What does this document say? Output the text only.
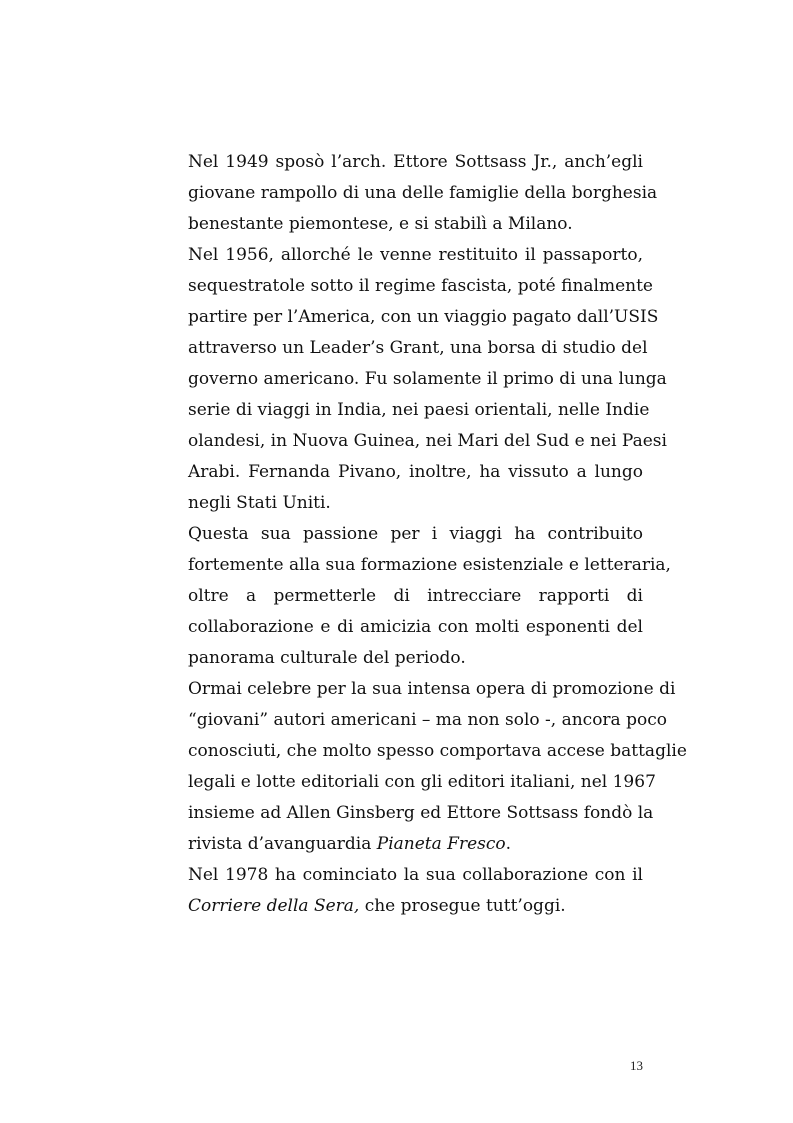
Nel 1949 sposò l’arch. Ettore Sottsass Jr., anch’egli
giovane rampollo di una delle famiglie della borghesia
benestante piemontese, e si stabilì a Milano.
Nel 1956, allorché le venne restituito il passaporto,
sequestratole sotto il regime fascista, poté finalmente
partire per l’America, con un viaggio pagato dall’USIS
attraverso un Leader’s Grant, una borsa di studio del
governo americano. Fu solamente il primo di una lunga
serie di viaggi in India, nei paesi orientali, nelle Indie
olandesi, in Nuova Guinea, nei Mari del Sud e nei Paesi
Arabi. Fernanda Pivano, inoltre, ha vissuto a lungo
negli Stati Uniti.
Questa sua passione per i viaggi ha contribuito
fortemente alla sua formazione esistenziale e letteraria,
oltre a permetterle di intrecciare rapporti di
collaborazione e di amicizia con molti esponenti del
panorama culturale del periodo.
Ormai celebre per la sua intensa opera di promozione di
“giovani” autori americani – ma non solo -, ancora poco
conosciuti, che molto spesso comportava accese battaglie
legali e lotte editoriali con gli editori italiani, nel 1967
insieme ad Allen Ginsberg ed Ettore Sottsass fondò la
rivista d’avanguardia Pianeta Fresco.
Nel 1978 ha cominciato la sua collaborazione con il
Corriere della Sera, che prosegue tutt’oggi.
13
